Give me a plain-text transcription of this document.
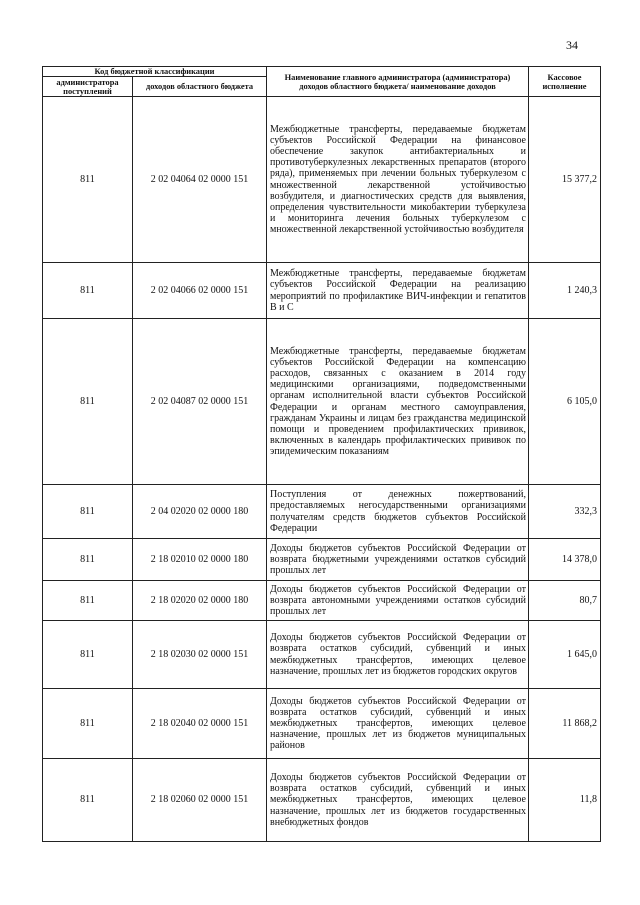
34
Код бюджетной классификации		Наименование главного администратора (администратора) доходов областного бюджета/ наименование доходов	Кассовое исполнение
администратора поступлений	доходов областного бюджета		
811	2 02 04064 02 0000 151	Межбюджетные трансферты, передаваемые бюджетам субъектов Российской Федерации на финансовое обеспечение закупок антибактериальных и противотуберкулезных лекарственных препаратов (второго ряда), применяемых при лечении больных туберкулезом с множественной лекарственной устойчивостью возбудителя, и диагностических средств для выявления, определения чувствительности микобактерии туберкулеза и мониторинга лечения больных туберкулезом с множественной лекарственной устойчивостью возбудителя	15 377,2
811	2 02 04066 02 0000 151	Межбюджетные трансферты, передаваемые бюджетам субъектов Российской Федерации на реализацию мероприятий по профилактике ВИЧ-инфекции и гепатитов В и С	1 240,3
811	2 02 04087 02 0000 151	Межбюджетные трансферты, передаваемые бюджетам субъектов Российской Федерации на компенсацию расходов, связанных с оказанием в 2014 году медицинскими организациями, подведомственными органам исполнительной власти субъектов Российской Федерации и органам местного самоуправления, гражданам Украины и лицам без гражданства медицинской помощи и проведением профилактических прививок, включенных в календарь профилактических прививок по эпидемическим показаниям	6 105,0
811	2 04 02020 02 0000 180	Поступления от денежных пожертвований, предоставляемых негосударственными организациями получателям средств бюджетов субъектов Российской Федерации	332,3
811	2 18 02010 02 0000 180	Доходы бюджетов субъектов Российской Федерации от возврата бюджетными учреждениями остатков субсидий прошлых лет	14 378,0
811	2 18 02020 02 0000 180	Доходы бюджетов субъектов Российской Федерации от возврата автономными учреждениями остатков субсидий прошлых лет	80,7
811	2 18 02030 02 0000 151	Доходы бюджетов субъектов Российской Федерации от возврата остатков субсидий, субвенций и иных межбюджетных трансфертов, имеющих целевое назначение, прошлых лет из бюджетов городских округов	1 645,0
811	2 18 02040 02 0000 151	Доходы бюджетов субъектов Российской Федерации от возврата остатков субсидий, субвенций и иных межбюджетных трансфертов, имеющих целевое назначение, прошлых лет из бюджетов муниципальных районов	11 868,2
811	2 18 02060 02 0000 151	Доходы бюджетов субъектов Российской Федерации от возврата остатков субсидий, субвенций и иных межбюджетных трансфертов, имеющих целевое назначение, прошлых лет из бюджетов государственных внебюджетных фондов	11,8
